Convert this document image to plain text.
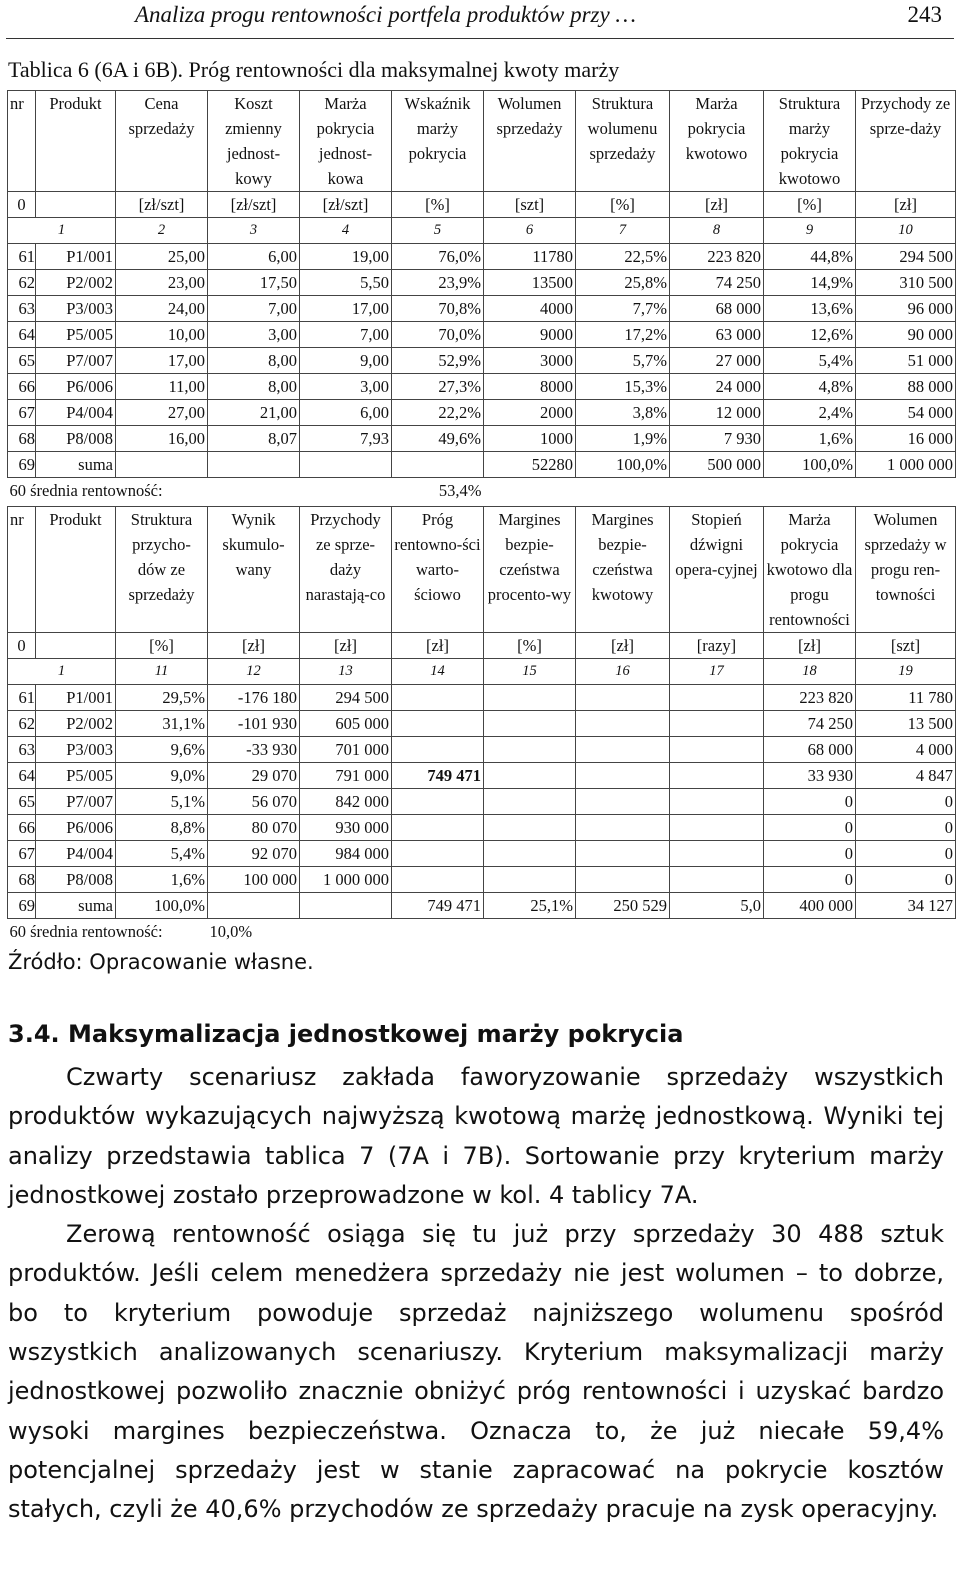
Analiza progu rentowności portfela produktów przy …	243
Tablica 6 (6A i 6B). Próg rentowności dla maksymalnej kwoty marży
nr	Produkt	Cena sprzedaży	Koszt zmienny jednost-kowy	Marża pokrycia jednost-kowa	Wskaźnik marży pokrycia	Wolumen sprzedaży	Struktura wolumenu sprzedaży	Marża pokrycia kwotowo	Struktura marży pokrycia kwotowo	Przychody ze sprze-daży
0		[zł/szt]	[zł/szt]	[zł/szt]	[%]	[szt]	[%]	[zł]	[%]	[zł]
1		2	3	4	5	6	7	8	9	10
61	P1/001	25,00	6,00	19,00	76,0%	11780	22,5%	223 820	44,8%	294 500
62	P2/002	23,00	17,50	5,50	23,9%	13500	25,8%	74 250	14,9%	310 500
63	P3/003	24,00	7,00	17,00	70,8%	4000	7,7%	68 000	13,6%	96 000
64	P5/005	10,00	3,00	7,00	70,0%	9000	17,2%	63 000	12,6%	90 000
65	P7/007	17,00	8,00	9,00	52,9%	3000	5,7%	27 000	5,4%	51 000
66	P6/006	11,00	8,00	3,00	27,3%	8000	15,3%	24 000	4,8%	88 000
67	P4/004	27,00	21,00	6,00	22,2%	2000	3,8%	12 000	2,4%	54 000
68	P8/008	16,00	8,07	7,93	49,6%	1000	1,9%	7 930	1,6%	16 000
69	suma					52280	100,0%	500 000	100,0%	1 000 000
60 średnia rentowność:					53,4%					
nr	Produkt	Struktura przycho-dów ze sprzedaży	Wynik skumulo-wany	Przychody ze sprze-daży narastają-co	Próg rentowno-ści warto-ściowo	Margines bezpie-czeństwa procento-wy	Margines bezpie-czeństwa kwotowy	Stopień dźwigni opera-cyjnej	Marża pokrycia kwotowo dla progu rentowności	Wolumen sprzedaży w progu ren-towności
0		[%]	[zł]	[zł]	[zł]	[%]	[zł]	[razy]	[zł]	[szt]
1		11	12	13	14	15	16	17	18	19
61	P1/001	29,5%	-176 180	294 500					223 820	11 780
62	P2/002	31,1%	-101 930	605 000					74 250	13 500
63	P3/003	9,6%	-33 930	701 000					68 000	4 000
64	P5/005	9,0%	29 070	791 000	749 471				33 930	4 847
65	P7/007	5,1%	56 070	842 000					0	0
66	P6/006	8,8%	80 070	930 000					0	0
67	P4/004	5,4%	92 070	984 000					0	0
68	P8/008	1,6%	100 000	1 000 000					0	0
69	suma	100,0%			749 471	25,1%	250 529	5,0	400 000	34 127
60 średnia rentowność:			10,0%							
Źródło: Opracowanie własne.
3.4. Maksymalizacja jednostkowej marży pokrycia

Czwarty scenariusz zakłada faworyzowanie sprzedaży wszystkich produktów wykazujących najwyższą kwotową marżę jednostkową. Wyniki tej analizy przedstawia tablica 7 (7A i 7B). Sortowanie przy kryterium marży jednostkowej zostało przeprowadzone w kol. 4 tablicy 7A.

Zerową rentowność osiąga się tu już przy sprzedaży 30 488 sztuk produktów. Jeśli celem menedżera sprzedaży nie jest wolumen – to dobrze, bo to kryterium powoduje sprzedaż najniższego wolumenu spośród wszystkich analizowanych scenariuszy. Kryterium maksymalizacji marży jednostkowej pozwoliło znacznie obniżyć próg rentowności i uzyskać bardzo wysoki margines bezpieczeństwa. Oznacza to, że już niecałe 59,4% potencjalnej sprzedaży jest w stanie zapracować na pokrycie kosztów stałych, czyli że 40,6% przychodów ze sprzedaży pracuje na zysk operacyjny.
